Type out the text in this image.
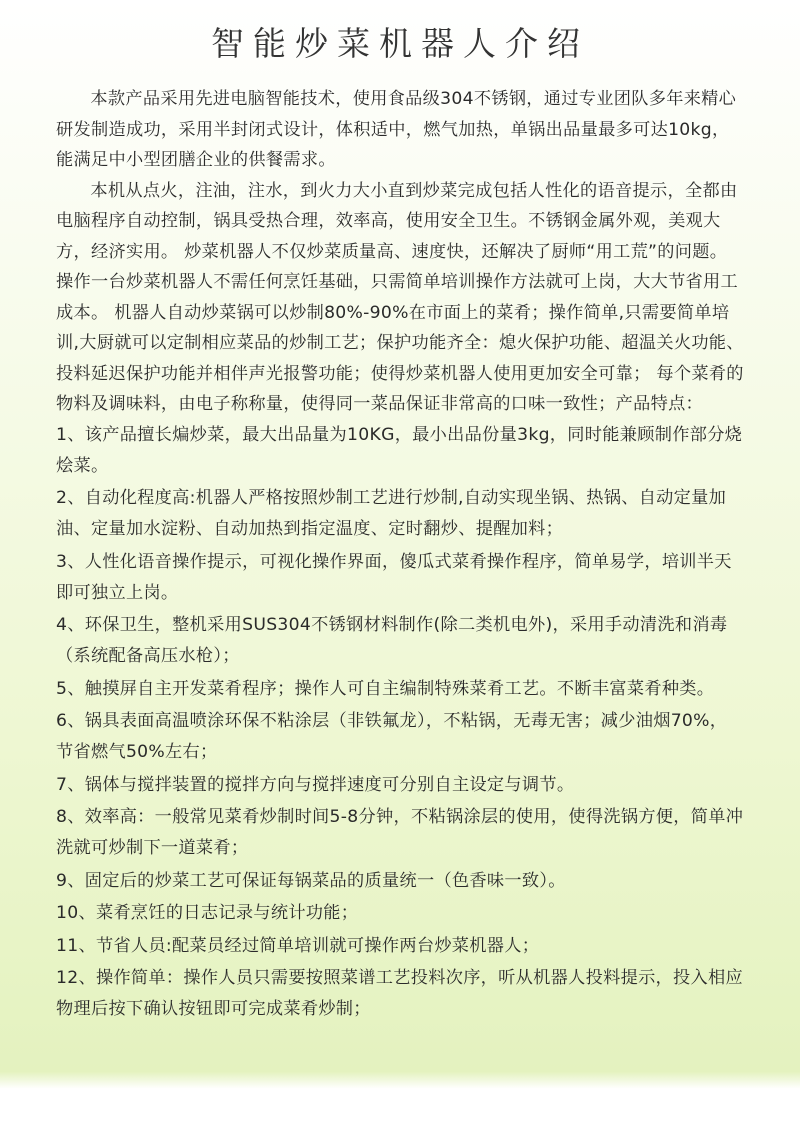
智能炒菜机器人介绍

本款产品采用先进电脑智能技术，使用食品级304不锈钢，通过专业团队多年来精心研发制造成功，采用半封闭式设计，体积适中，燃气加热，单锅出品量最多可达10kg，能满足中小型团膳企业的供餐需求。

本机从点火，注油，注水，到火力大小直到炒菜完成包括人性化的语音提示，全都由电脑程序自动控制，锅具受热合理，效率高，使用安全卫生。不锈钢金属外观，美观大方，经济实用。 炒菜机器人不仅炒菜质量高、速度快，还解决了厨师“用工荒”的问题。操作一台炒菜机器人不需任何烹饪基础，只需简单培训操作方法就可上岗，大大节省用工成本。 机器人自动炒菜锅可以炒制80%-90%在市面上的菜肴；操作简单,只需要简单培训,大厨就可以定制相应菜品的炒制工艺；保护功能齐全：熄火保护功能、超温关火功能、投料延迟保护功能并相伴声光报警功能；使得炒菜机器人使用更加安全可靠； 每个菜肴的物料及调味料，由电子称称量，使得同一菜品保证非常高的口味一致性；产品特点：

1、该产品擅长煸炒菜，最大出品量为10KG，最小出品份量3kg，同时能兼顾制作部分烧烩菜。
2、自动化程度高:机器人严格按照炒制工艺进行炒制,自动实现坐锅、热锅、自动定量加油、定量加水淀粉、自动加热到指定温度、定时翻炒、提醒加料；
3、人性化语音操作提示，可视化操作界面，傻瓜式菜肴操作程序，简单易学，培训半天即可独立上岗。
4、环保卫生，整机采用SUS304不锈钢材料制作(除二类机电外)，采用手动清洗和消毒（系统配备高压水枪）；
5、触摸屏自主开发菜肴程序；操作人可自主编制特殊菜肴工艺。不断丰富菜肴种类。
6、锅具表面高温喷涂环保不粘涂层（非铁氟龙），不粘锅，无毒无害；减少油烟70%，节省燃气50%左右；
7、锅体与搅拌装置的搅拌方向与搅拌速度可分别自主设定与调节。
8、效率高：一般常见菜肴炒制时间5-8分钟，不粘锅涂层的使用，使得洗锅方便，简单冲洗就可炒制下一道菜肴；
9、固定后的炒菜工艺可保证每锅菜品的质量统一（色香味一致）。
10、菜肴烹饪的日志记录与统计功能；
11、节省人员:配菜员经过简单培训就可操作两台炒菜机器人；
12、操作简单：操作人员只需要按照菜谱工艺投料次序，听从机器人投料提示，投入相应物理后按下确认按钮即可完成菜肴炒制；
